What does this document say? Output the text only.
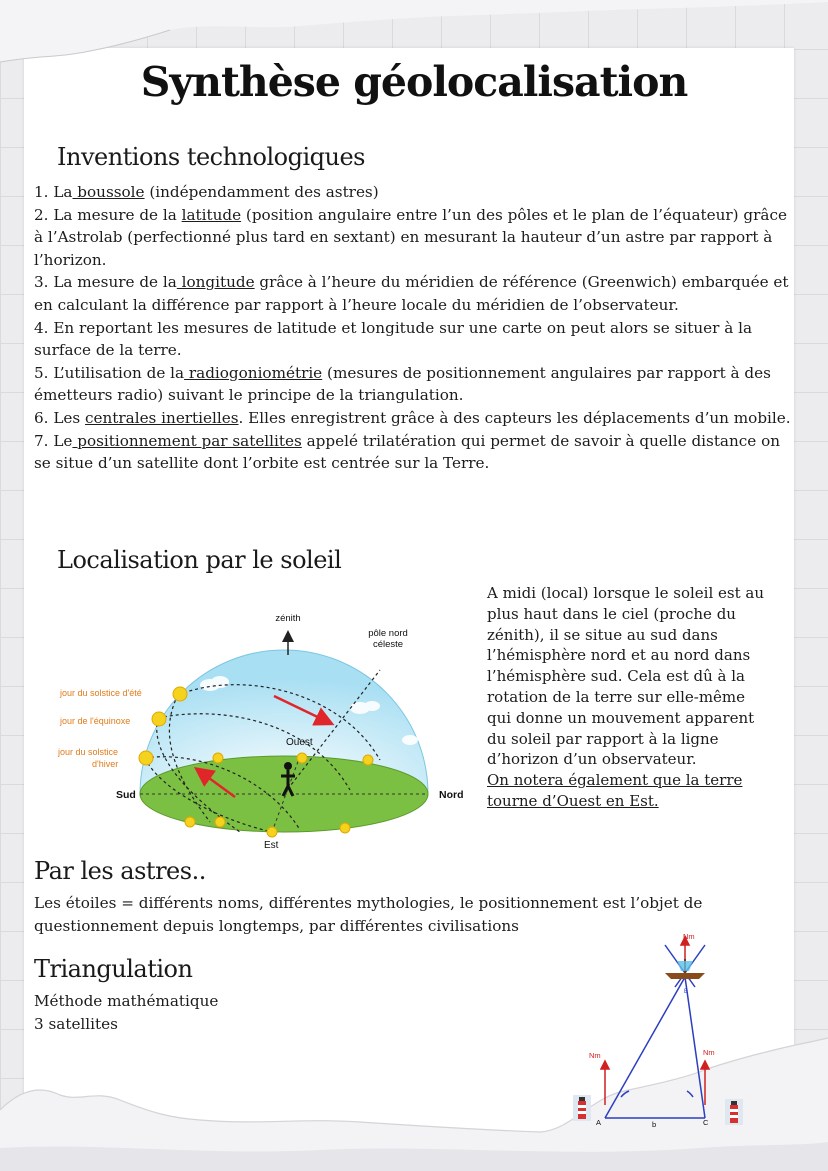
Synthèse géolocalisation
Inventions technologiques

1. La boussole (indépendamment des astres)

2. La mesure de la latitude (position angulaire entre l’un des pôles et le plan de l’équateur) grâce à l’Astrolab (perfectionné plus tard en sextant) en mesurant la hauteur d’un astre par rapport à l’horizon.

3. La mesure de la longitude grâce à l’heure du méridien de référence (Greenwich) embarquée et en calculant la différence par rapport à l’heure locale du méridien de l’observateur.

4. En reportant les mesures de latitude et longitude sur une carte on peut alors se situer à la surface de la terre.

5. L’utilisation de la radiogoniométrie (mesures de positionnement angulaires par rapport à des émetteurs radio) suivant le principe de la triangulation.

6. Les centrales inertielles. Elles enregistrent grâce à des capteurs les déplacements d’un mobile.

7. Le positionnement par satellites appelé trilatération qui permet de savoir à quelle distance on se situe d’un satellite dont l’orbite est centrée sur la Terre.

Localisation par le soleil
zénith
pôle nord
céleste
jour du solstice d'été
jour de l'équinoxe
jour du solstice
d'hiver
Ouest
Sud	Nord
Est

A midi (local) lorsque le soleil est au plus haut dans le ciel (proche du zénith), il se situe au sud dans l’hémisphère nord et au nord dans l’hémisphère sud. Cela est dû à la rotation de la terre sur elle-même qui donne un mouvement apparent du soleil par rapport à la ligne d’horizon d’un observateur.

On notera également que la terre tourne d’Ouest en Est.

Par les astres..
Les étoiles = différents noms, différentes mythologies, le positionnement est l’objet de questionnement depuis longtemps, par différentes civilisations
Triangulation
Méthode mathématique
3 satellites
Nm
Nm	Nm
B
A	b	C
